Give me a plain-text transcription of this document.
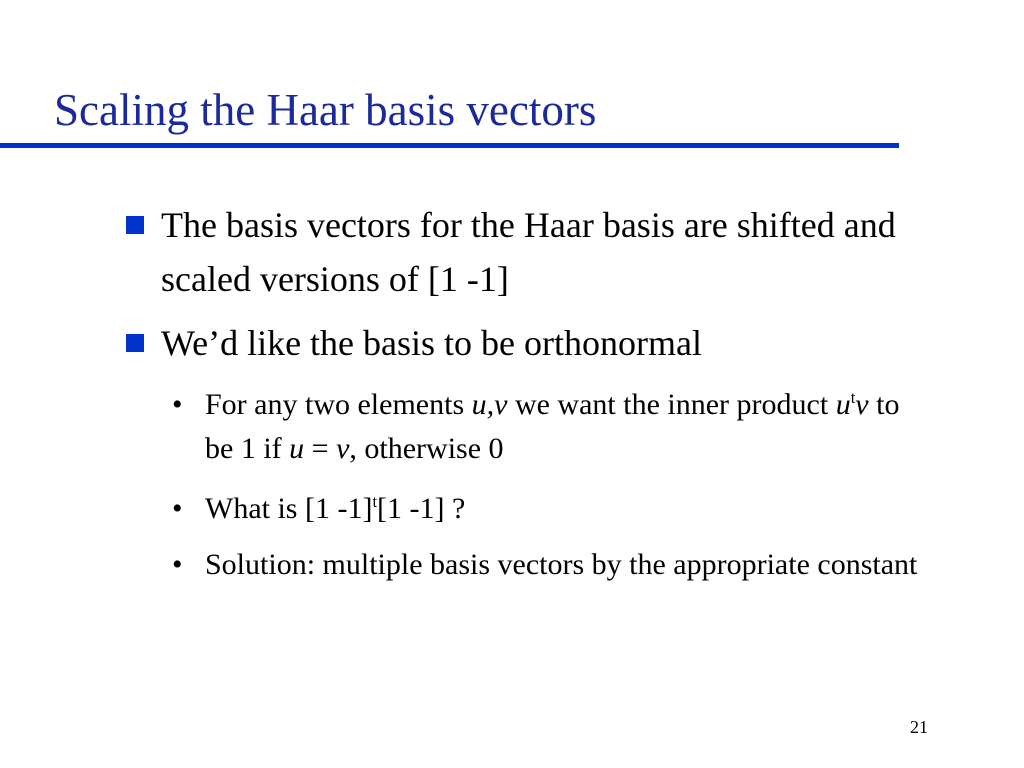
Scaling the Haar basis vectors
The basis vectors for the Haar basis are shifted and scaled versions of [1 -1]
We’d like the basis to be orthonormal
• For any two elements u,v we want the inner product $u^tv$ to be 1 if u = v, otherwise 0
• What is [1 -1]$^t$[1 -1] ?
• Solution: multiple basis vectors by the appropriate constant
21
